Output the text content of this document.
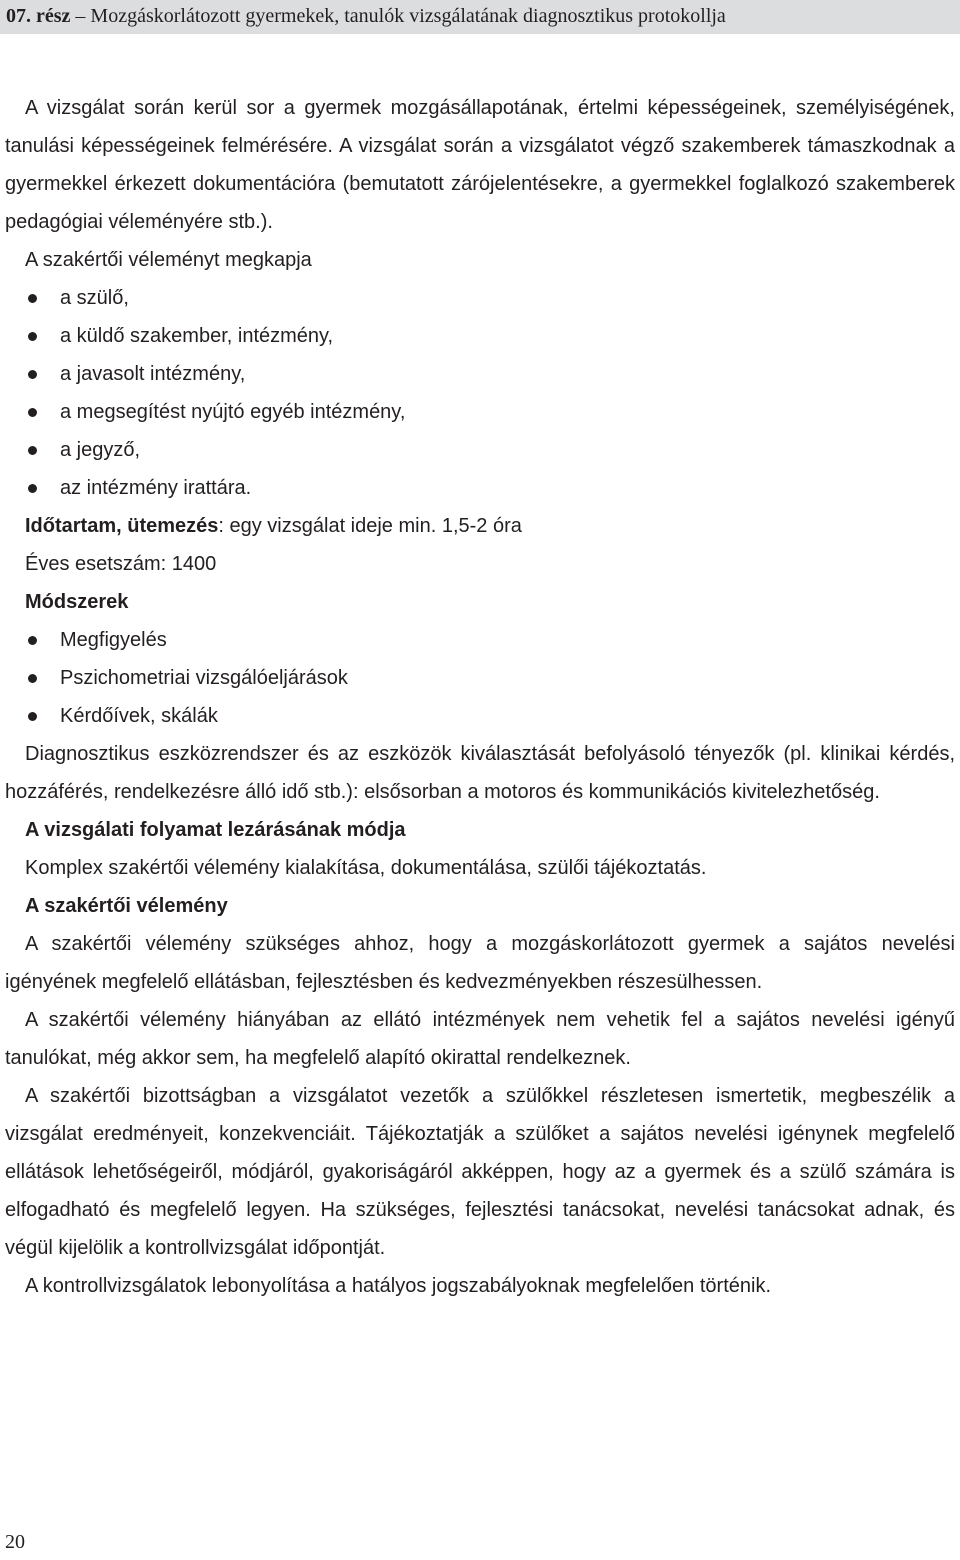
07. rész – Mozgáskorlátozott gyermekek, tanulók vizsgálatának diagnosztikus protokollja

A vizsgálat során kerül sor a gyermek mozgásállapotának, értelmi képességeinek, személyiségének, tanulási képességeinek felmérésére. A vizsgálat során a vizsgálatot végző szakemberek támaszkodnak a gyermekkel érkezett dokumentációra (bemutatott zárójelentésekre, a gyermekkel foglalkozó szakemberek pedagógiai véleményére stb.).

A szakértői véleményt megkapja

a szülő,
a küldő szakember, intézmény,
a javasolt intézmény,
a megsegítést nyújtó egyéb intézmény,
a jegyző,
az intézmény irattára.

Időtartam, ütemezés: egy vizsgálat ideje min. 1,5-2 óra

Éves esetszám: 1400

Módszerek

Megfigyelés
Pszichometriai vizsgálóeljárások
Kérdőívek, skálák

Diagnosztikus eszközrendszer és az eszközök kiválasztását befolyásoló tényezők (pl. klinikai kérdés, hozzáférés, rendelkezésre álló idő stb.): elsősorban a motoros és kommunikációs kivitelezhetőség.

A vizsgálati folyamat lezárásának módja

Komplex szakértői vélemény kialakítása, dokumentálása, szülői tájékoztatás.

A szakértői vélemény

A szakértői vélemény szükséges ahhoz, hogy a mozgáskorlátozott gyermek a sajátos nevelési igényének megfelelő ellátásban, fejlesztésben és kedvezményekben részesülhessen.

A szakértői vélemény hiányában az ellátó intézmények nem vehetik fel a sajátos nevelési igényű tanulókat, még akkor sem, ha megfelelő alapító okirattal rendelkeznek.

A szakértői bizottságban a vizsgálatot vezetők a szülőkkel részletesen ismertetik, megbeszélik a vizsgálat eredményeit, konzekvenciáit. Tájékoztatják a szülőket a sajátos nevelési igénynek megfelelő ellátások lehetőségeiről, módjáról, gyakoriságáról akképpen, hogy az a gyermek és a szülő számára is elfogadható és megfelelő legyen. Ha szükséges, fejlesztési tanácsokat, nevelési tanácsokat adnak, és végül kijelölik a kontrollvizsgálat időpontját.

A kontrollvizsgálatok lebonyolítása a hatályos jogszabályoknak megfelelően történik.

20
